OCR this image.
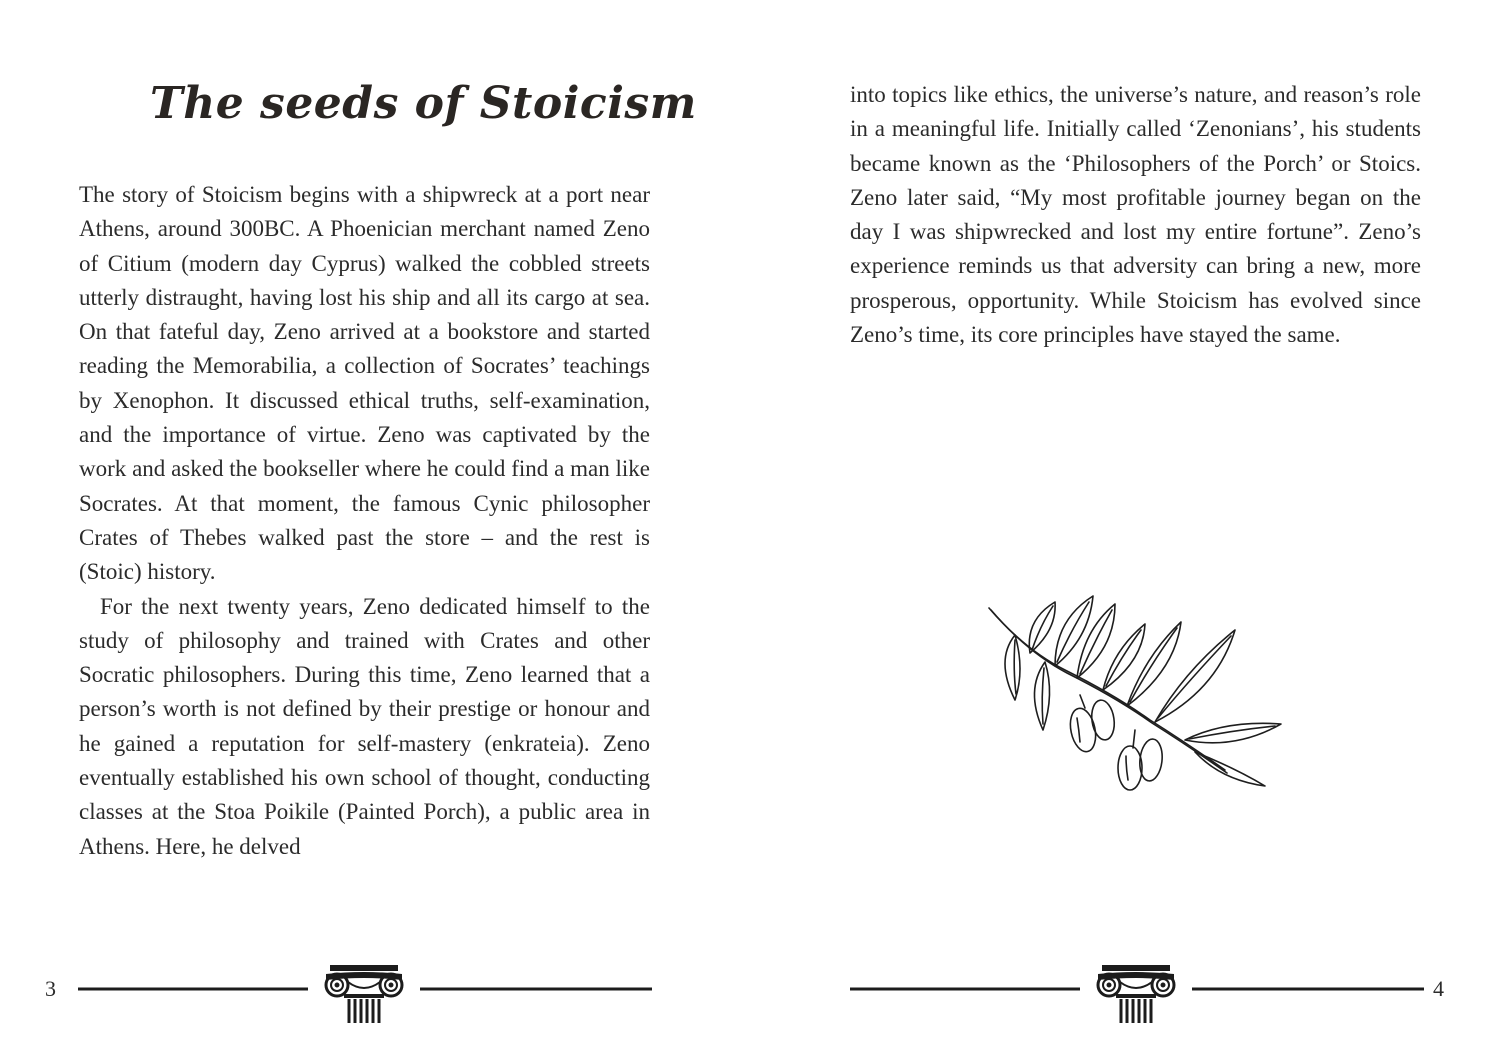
The seeds of Stoicism

The story of Stoicism begins with a shipwreck at a port near Athens, around 300BC. A Phoenician merchant named Zeno of Citium (modern day Cyprus) walked the cobbled streets utterly distraught, having lost his ship and all its cargo at sea. On that fateful day, Zeno arrived at a bookstore and started reading the Memorabilia, a collection of Socrates’ teachings by Xenophon. It discussed ethical truths, self-examination, and the importance of virtue. Zeno was captivated by the work and asked the bookseller where he could find a man like Socrates. At that moment, the famous Cynic philosopher Crates of Thebes walked past the store – and the rest is (Stoic) history.

For the next twenty years, Zeno dedicated himself to the study of philosophy and trained with Crates and other Socratic philosophers. During this time, Zeno learned that a person’s worth is not defined by their prestige or honour and he gained a reputation for self-mastery (enkrateia). Zeno eventually established his own school of thought, conducting classes at the Stoa Poikile (Painted Porch), a public area in Athens. Here, he delved

3

into topics like ethics, the universe’s nature, and reason’s role in a meaningful life. Initially called ‘Zenonians’, his students became known as the ‘Philosophers of the Porch’ or Stoics. Zeno later said, “My most profitable journey began on the day I was shipwrecked and lost my entire fortune”. Zeno’s experience reminds us that adversity can bring a new, more prosperous, opportunity. While Stoicism has evolved since Zeno’s time, its core principles have stayed the same.

4
